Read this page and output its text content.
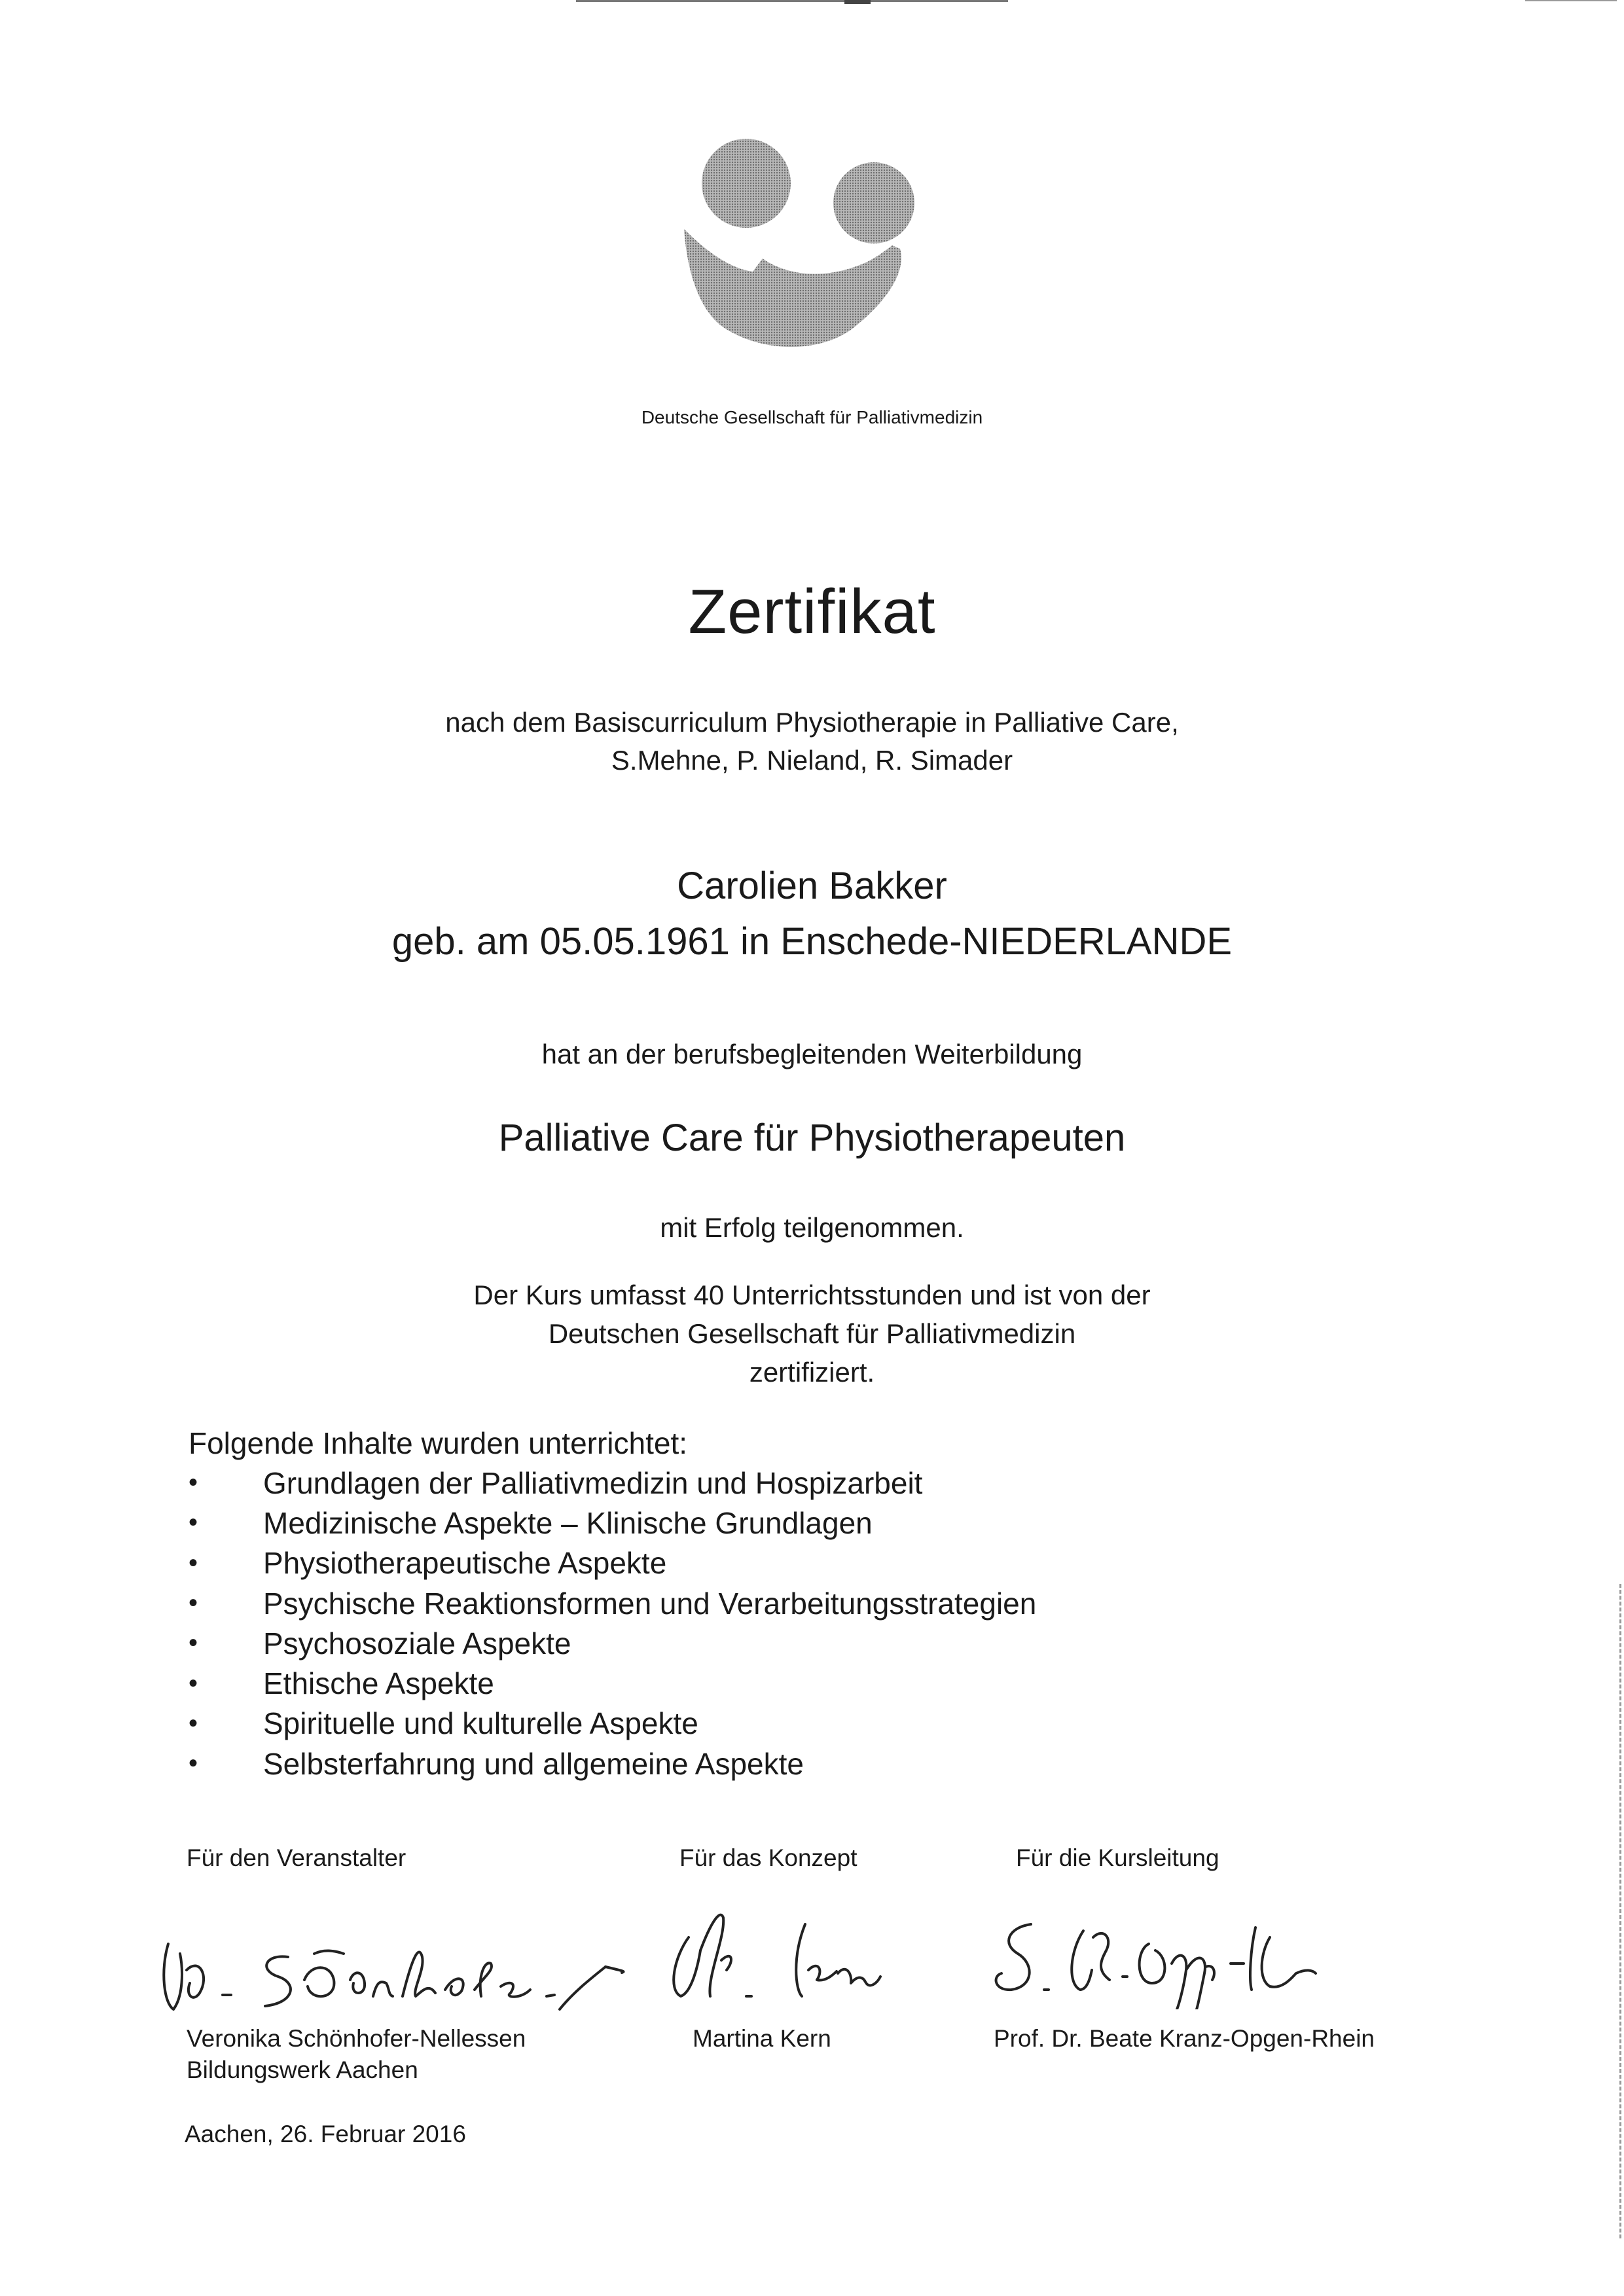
Deutsche Gesellschaft für Palliativmedizin
Zertifikat
nach dem Basiscurriculum Physiotherapie in Palliative Care,
S.Mehne, P. Nieland, R. Simader
Carolien Bakker
geb. am 05.05.1961 in Enschede-NIEDERLANDE
hat an der berufsbegleitenden Weiterbildung
Palliative Care für Physiotherapeuten
mit Erfolg teilgenommen.
Der Kurs umfasst 40 Unterrichtsstunden und ist von der
Deutschen Gesellschaft für Palliativmedizin
zertifiziert.
Folgende Inhalte wurden unterrichtet:
•	Grundlagen der Palliativmedizin und Hospizarbeit
•	Medizinische Aspekte – Klinische Grundlagen
•	Physiotherapeutische Aspekte
•	Psychische Reaktionsformen und Verarbeitungsstrategien
•	Psychosoziale Aspekte
•	Ethische Aspekte
•	Spirituelle und kulturelle Aspekte
•	Selbsterfahrung und allgemeine Aspekte
Für den Veranstalter	Für das Konzept	Für die Kursleitung
Veronika Schönhofer-Nellessen
Bildungswerk Aachen
Martina Kern	Prof. Dr. Beate Kranz-Opgen-Rhein
Aachen, 26. Februar 2016
